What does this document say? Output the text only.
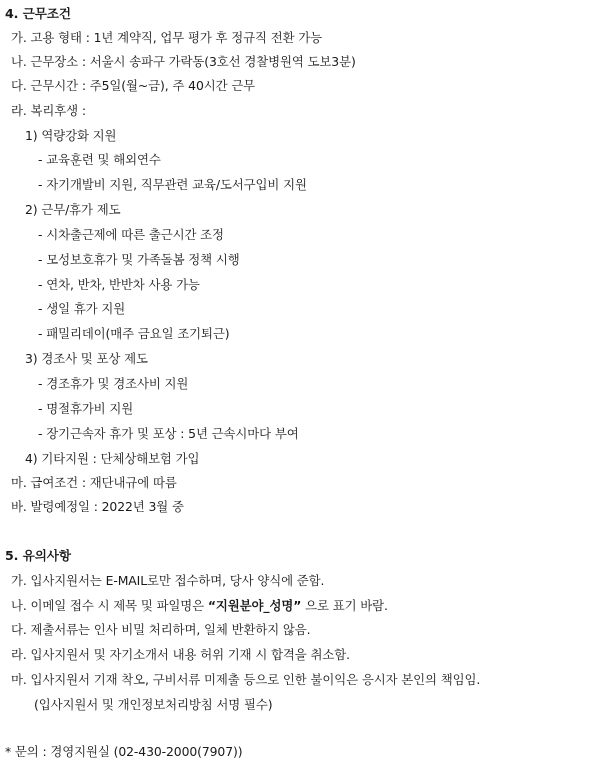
4. 근무조건
가. 고용 형태 : 1년 계약직, 업무 평가 후 정규직 전환 가능
나. 근무장소 : 서울시 송파구 가락동(3호선 경찰병원역 도보3분)
다. 근무시간 : 주5일(월~금), 주 40시간 근무
라. 복리후생 :
1) 역량강화 지원
- 교육훈련 및 해외연수
- 자기개발비 지원, 직무관련 교육/도서구입비 지원
2) 근무/휴가 제도
- 시차출근제에 따른 출근시간 조정
- 모성보호휴가 및 가족돌봄 정책 시행
- 연차, 반차, 반반차 사용 가능
- 생일 휴가 지원
- 패밀리데이(매주 금요일 조기퇴근)
3) 경조사 및 포상 제도
- 경조휴가 및 경조사비 지원
- 명절휴가비 지원
- 장기근속자 휴가 및 포상 : 5년 근속시마다 부여
4) 기타지원 : 단체상해보험 가입
마. 급여조건 : 재단내규에 따름
바. 발령예정일 : 2022년 3월 중
5. 유의사항
가. 입사지원서는 E-MAIL로만 접수하며, 당사 양식에 준함.
나. 이메일 접수 시 제목 및 파일명은 “지원분야_성명” 으로 표기 바람.
다. 제출서류는 인사 비밀 처리하며, 일체 반환하지 않음.
라. 입사지원서 및 자기소개서 내용 허위 기재 시 합격을 취소함.
마. 입사지원서 기재 착오, 구비서류 미제출 등으로 인한 불이익은 응시자 본인의 책임임.
(입사지원서 및 개인정보처리방침 서명 필수)
* 문의 : 경영지원실 (02-430-2000(7907))
